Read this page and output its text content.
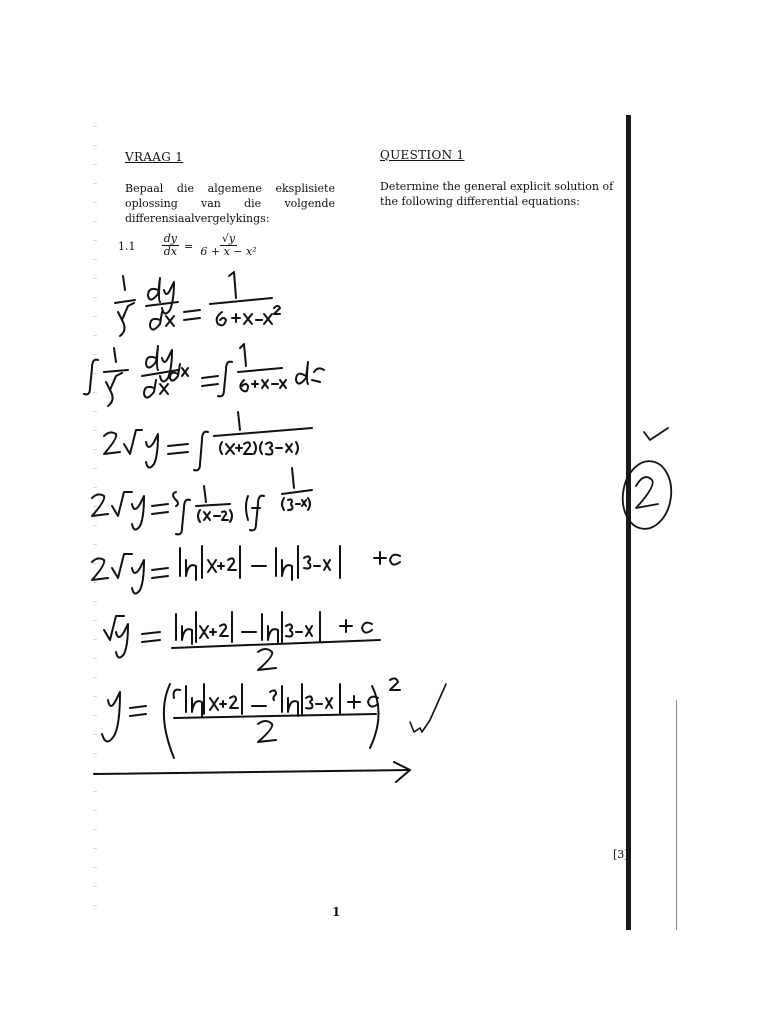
VRAAG 1
Bepaal die algemene eksplisiete oplossing van die volgende differensiaalvergelykings:
$1.1 \frac{dy}{dx} = \frac{√y}{\text{6 + x − x²}}$
QUESTION 1
Determine the general explicit solution of the following differential equations:
[3]
1
